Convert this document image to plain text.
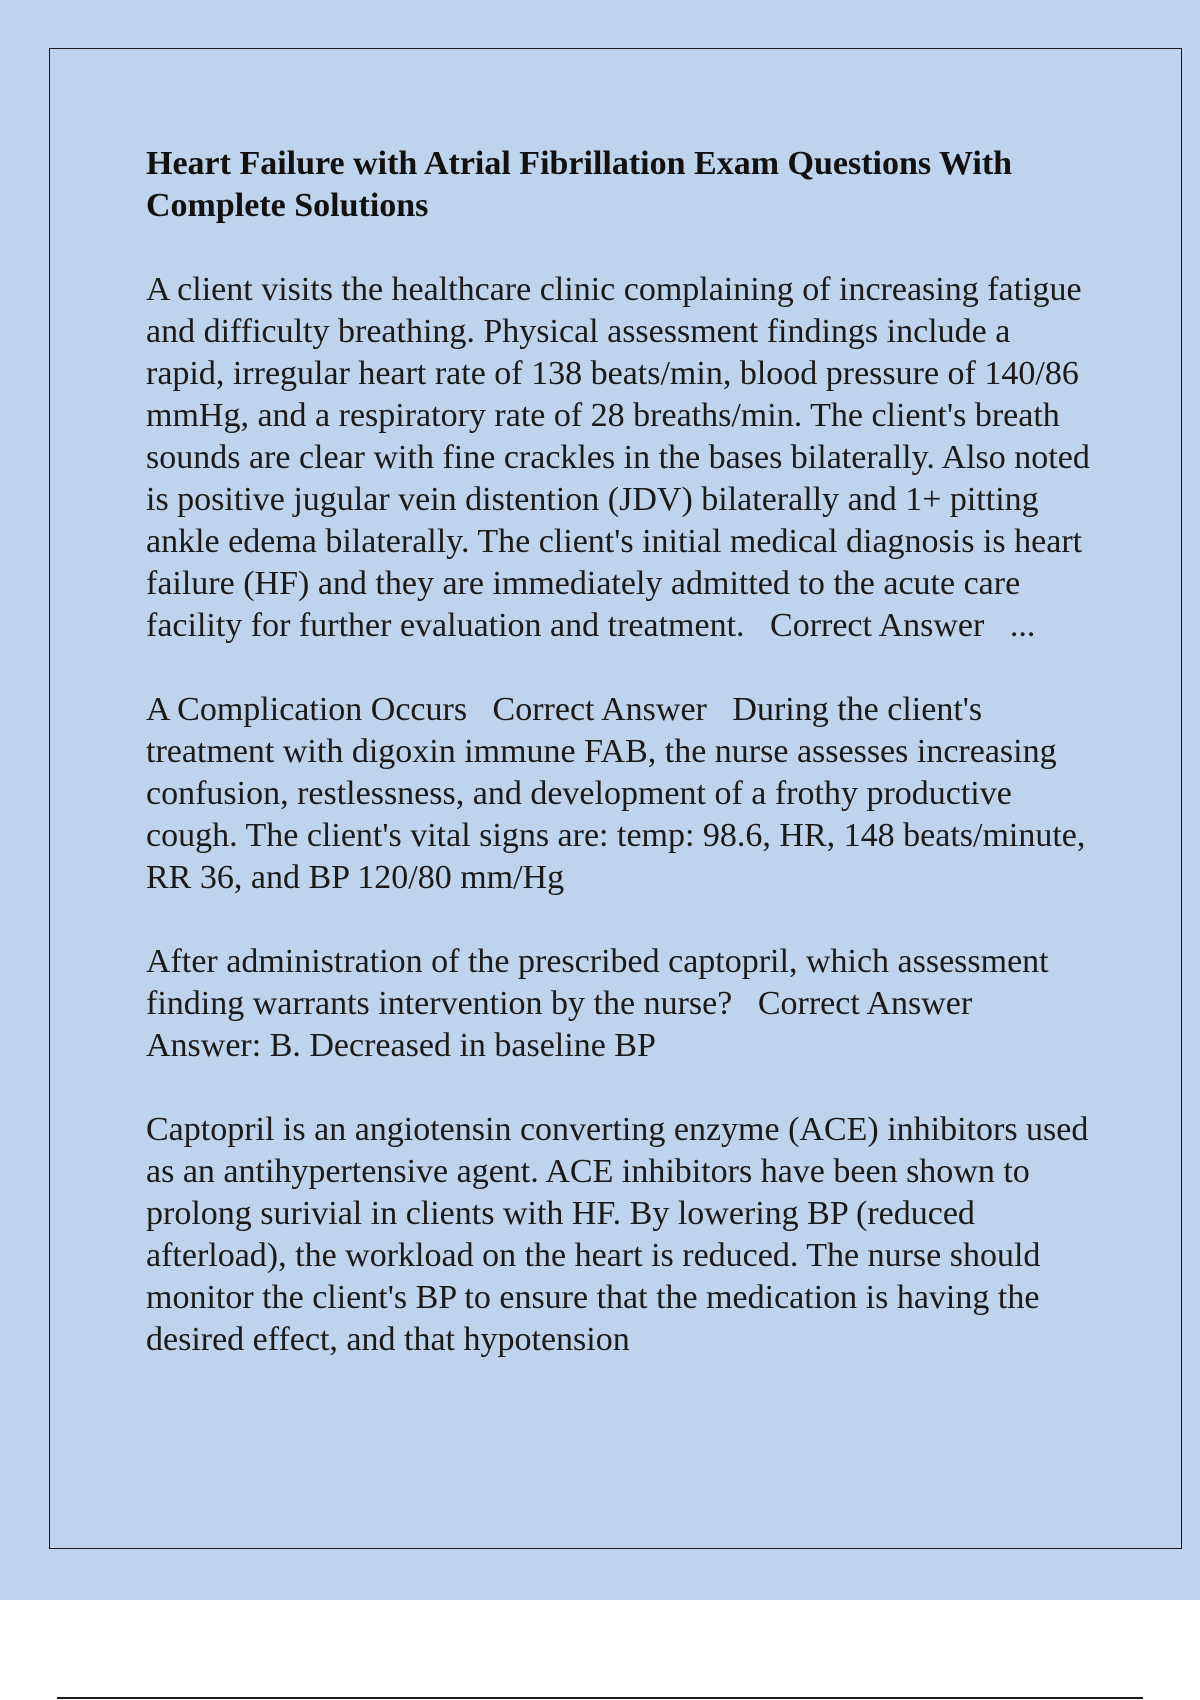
Heart Failure with Atrial Fibrillation Exam Questions With Complete Solutions

A client visits the healthcare clinic complaining of increasing fatigue and difficulty breathing. Physical assessment findings include a rapid, irregular heart rate of 138 beats/min, blood pressure of 140/86 mmHg, and a respiratory rate of 28 breaths/min. The client's breath sounds are clear with fine crackles in the bases bilaterally. Also noted is positive jugular vein distention (JDV) bilaterally and 1+ pitting ankle edema bilaterally. The client's initial medical diagnosis is heart failure (HF) and they are immediately admitted to the acute care facility for further evaluation and treatment.   Correct Answer   ...

A Complication Occurs   Correct Answer   During the client's treatment with digoxin immune FAB, the nurse assesses increasing confusion, restlessness, and development of a frothy productive cough. The client's vital signs are: temp: 98.6, HR, 148 beats/minute, RR 36, and BP 120/80 mm/Hg

After administration of the prescribed captopril, which assessment finding warrants intervention by the nurse?   Correct Answer   Answer: B. Decreased in baseline BP

Captopril is an angiotensin converting enzyme (ACE) inhibitors used as an antihypertensive agent. ACE inhibitors have been shown to prolong surivial in clients with HF. By lowering BP (reduced afterload), the workload on the heart is reduced. The nurse should monitor the client's BP to ensure that the medication is having the desired effect, and that hypotension
